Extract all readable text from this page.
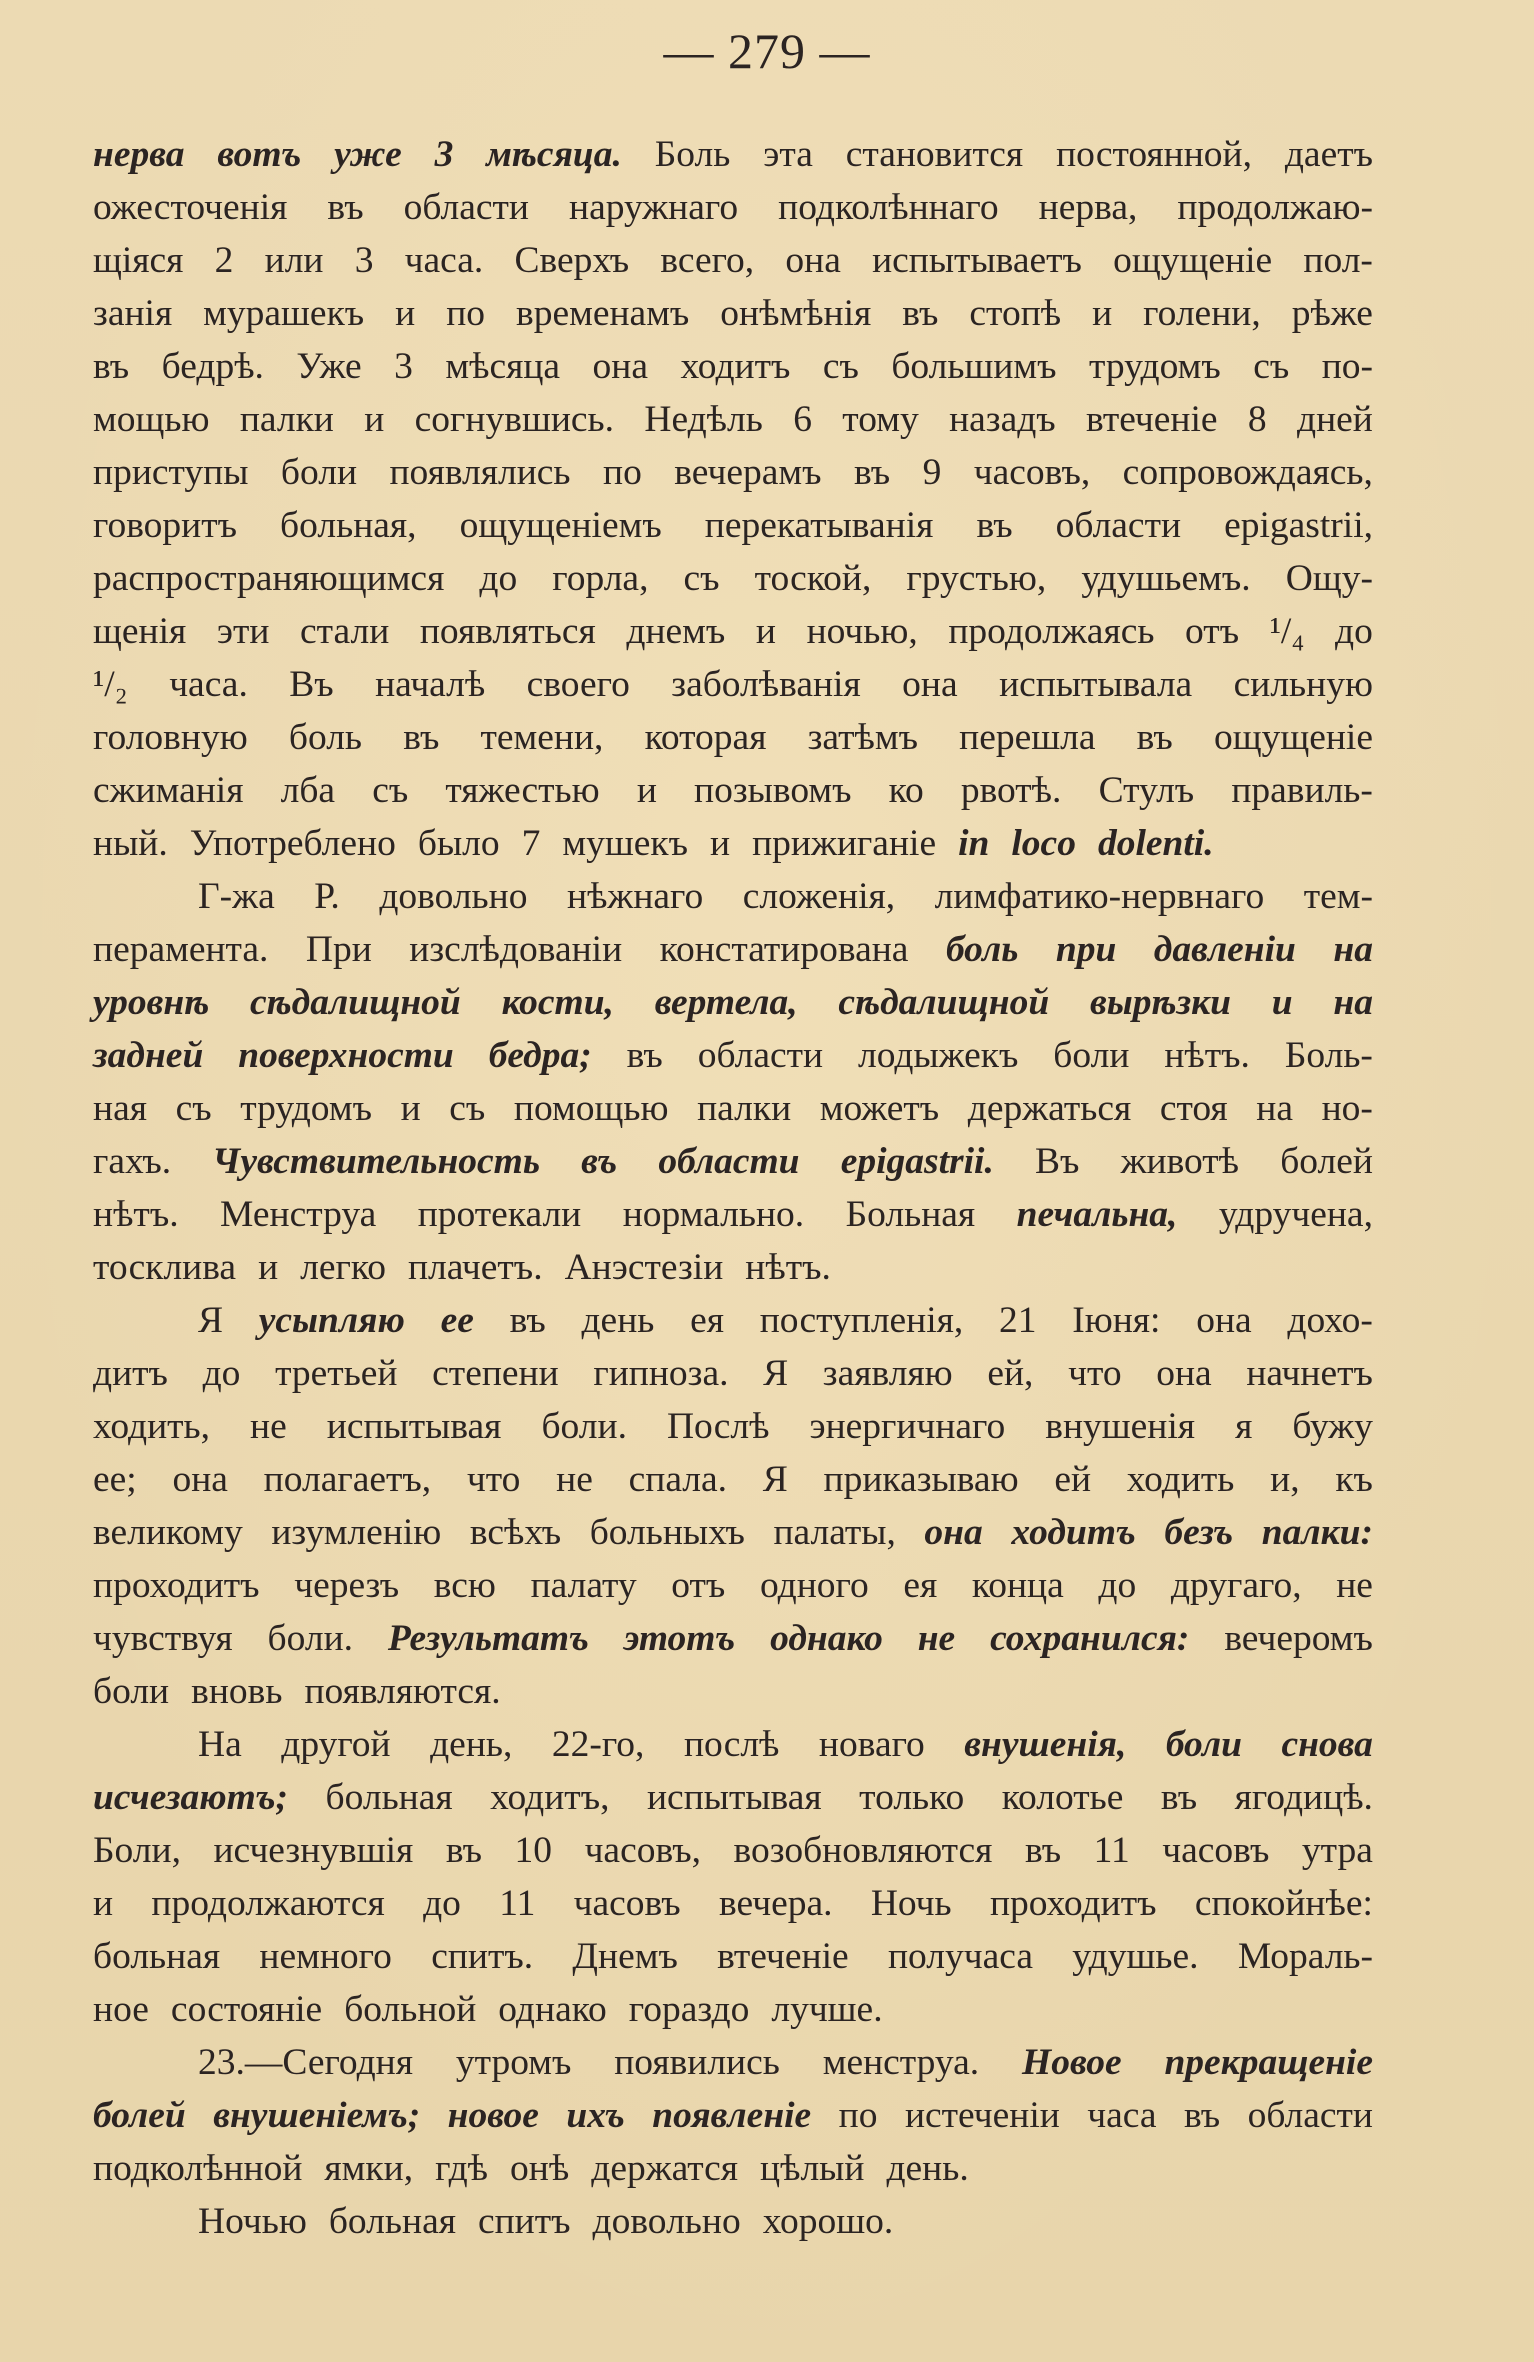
— 279 —
нерва вотъ уже 3 мѣсяца. Боль эта становится постоянной, даетъ
ожесточенія въ области наружнаго подколѣннаго нерва, продолжаю-
щіяся 2 или 3 часа. Сверхъ всего, она испытываетъ ощущеніе пол-
занія мурашекъ и по временамъ онѣмѣнія въ стопѣ и голени, рѣже
въ бедрѣ. Уже 3 мѣсяца она ходитъ съ большимъ трудомъ съ по-
мощью палки и согнувшись. Недѣль 6 тому назадъ втеченіе 8 дней
приступы боли появлялись по вечерамъ въ 9 часовъ, сопровождаясь,
говоритъ больная, ощущеніемъ перекатыванія въ области epigastrii,
распространяющимся до горла, съ тоской, грустью, удушьемъ. Ощу-
щенія эти стали появляться днемъ и ночью, продолжаясь отъ ¹/₄ до
¹/₂ часа. Въ началѣ своего заболѣванія она испытывала сильную
головную боль въ темени, которая затѣмъ перешла въ ощущеніе
сжиманія лба съ тяжестью и позывомъ ко рвотѣ. Стулъ правиль-
ный. Употреблено было 7 мушекъ и прижиганіе in loco dolenti.
Г-жа Р. довольно нѣжнаго сложенія, лимфатико-нервнаго тем-
перамента. При изслѣдованіи констатирована боль при давленіи на
уровнѣ сѣдалищной кости, вертела, сѣдалищной вырѣзки и на
задней поверхности бедра; въ области лодыжекъ боли нѣтъ. Боль-
ная съ трудомъ и съ помощью палки можетъ держаться стоя на но-
гахъ. Чувствительность въ области epigastrii. Въ животѣ болей
нѣтъ. Менструа протекали нормально. Больная печальна, удручена,
тосклива и легко плачетъ. Анэстезіи нѣтъ.
Я усыпляю ее въ день ея поступленія, 21 Іюня: она дохо-
дитъ до третьей степени гипноза. Я заявляю ей, что она начнетъ
ходить, не испытывая боли. Послѣ энергичнаго внушенія я бужу
ее; она полагаетъ, что не спала. Я приказываю ей ходить и, къ
великому изумленію всѣхъ больныхъ палаты, она ходитъ безъ палки:
проходитъ черезъ всю палату отъ одного ея конца до другаго, не
чувствуя боли. Результатъ этотъ однако не сохранился: вечеромъ
боли вновь появляются.
На другой день, 22-го, послѣ новаго внушенія, боли снова
исчезаютъ; больная ходитъ, испытывая только колотье въ ягодицѣ.
Боли, исчезнувшія въ 10 часовъ, возобновляются въ 11 часовъ утра
и продолжаются до 11 часовъ вечера. Ночь проходитъ спокойнѣе:
больная немного спитъ. Днемъ втеченіе получаса удушье. Мораль-
ное состояніе больной однако гораздо лучше.
23.—Сегодня утромъ появились менструа. Новое прекращеніе
болей внушеніемъ; новое ихъ появленіе по истеченіи часа въ области
подколѣнной ямки, гдѣ онѣ держатся цѣлый день.
Ночью больная спитъ довольно хорошо.
